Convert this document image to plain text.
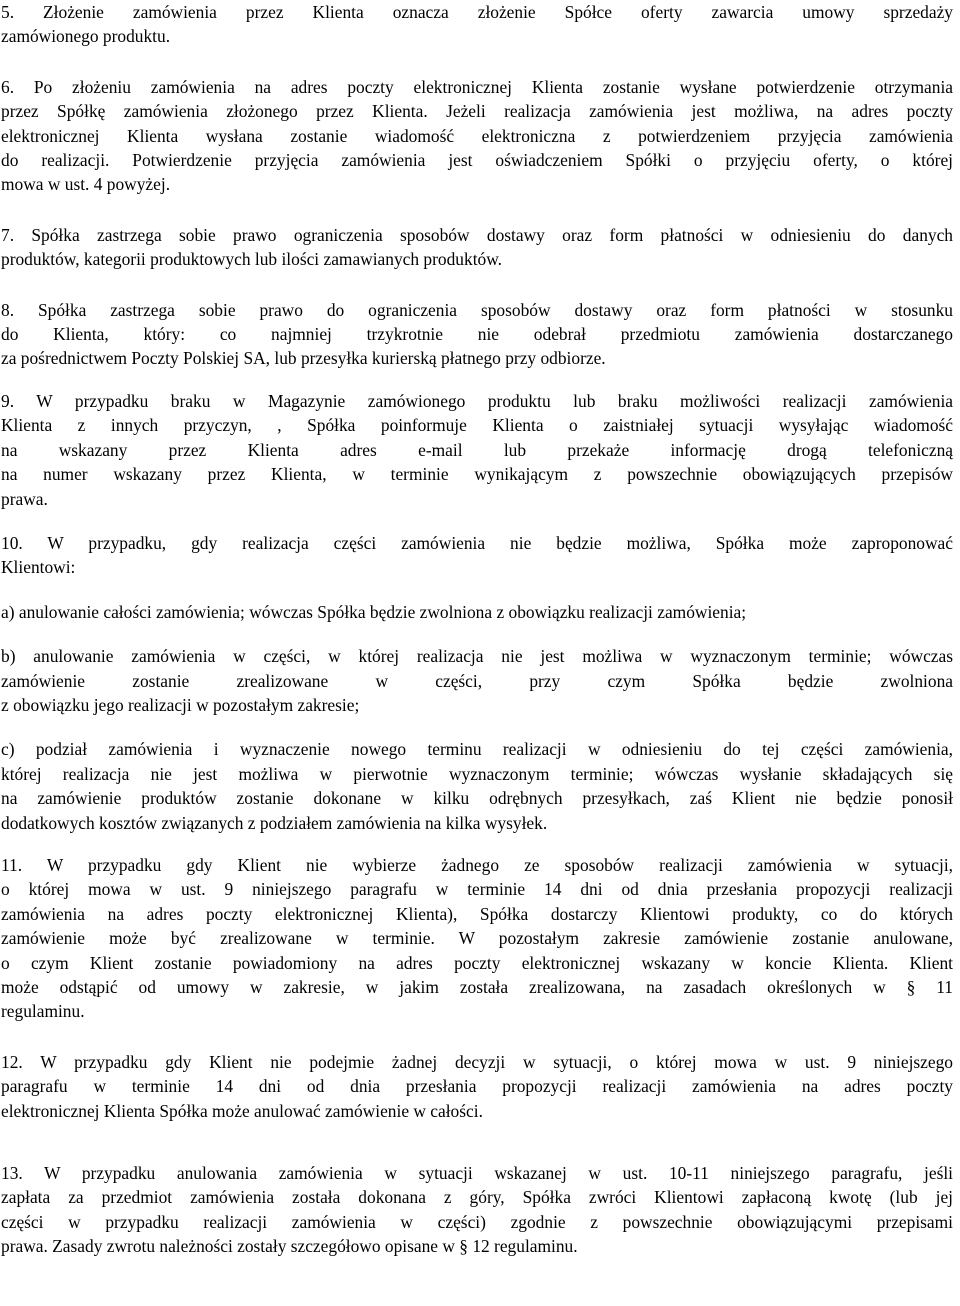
5. Złożenie zamówienia przez Klienta oznacza złożenie Spółce oferty zawarcia umowy sprzedaży
zamówionego produktu.

6. Po złożeniu zamówienia na adres poczty elektronicznej Klienta zostanie wysłane potwierdzenie otrzymania
przez Spółkę zamówienia złożonego przez Klienta. Jeżeli realizacja zamówienia jest możliwa, na adres poczty
elektronicznej Klienta wysłana zostanie wiadomość elektroniczna z potwierdzeniem przyjęcia zamówienia
do realizacji. Potwierdzenie przyjęcia zamówienia jest oświadczeniem Spółki o przyjęciu oferty, o której
mowa w ust. 4 powyżej.

7. Spółka zastrzega sobie prawo ograniczenia sposobów dostawy oraz form płatności w odniesieniu do danych
produktów, kategorii produktowych lub ilości zamawianych produktów.

8. Spółka zastrzega sobie prawo do ograniczenia sposobów dostawy oraz form płatności w stosunku
do Klienta, który: co najmniej trzykrotnie nie odebrał przedmiotu zamówienia dostarczanego
za pośrednictwem Poczty Polskiej SA, lub przesyłka kurierską płatnego przy odbiorze.

9. W przypadku braku w Magazynie zamówionego produktu lub braku możliwości realizacji zamówienia
Klienta z innych przyczyn, , Spółka poinformuje Klienta o zaistniałej sytuacji wysyłając wiadomość
na wskazany przez Klienta adres e-mail lub przekaże informację drogą telefoniczną
na numer wskazany przez Klienta, w terminie wynikającym z powszechnie obowiązujących przepisów
prawa.

10. W przypadku, gdy realizacja części zamówienia nie będzie możliwa, Spółka może zaproponować
Klientowi:

a) anulowanie całości zamówienia; wówczas Spółka będzie zwolniona z obowiązku realizacji zamówienia;

b) anulowanie zamówienia w części, w której realizacja nie jest możliwa w wyznaczonym terminie; wówczas
zamówienie zostanie zrealizowane w części, przy czym Spółka będzie zwolniona
z obowiązku jego realizacji w pozostałym zakresie;

c) podział zamówienia i wyznaczenie nowego terminu realizacji w odniesieniu do tej części zamówienia,
której realizacja nie jest możliwa w pierwotnie wyznaczonym terminie; wówczas wysłanie składających się
na zamówienie produktów zostanie dokonane w kilku odrębnych przesyłkach, zaś Klient nie będzie ponosił
dodatkowych kosztów związanych z podziałem zamówienia na kilka wysyłek.

11. W przypadku gdy Klient nie wybierze żadnego ze sposobów realizacji zamówienia w sytuacji,
o której mowa w ust. 9 niniejszego paragrafu w terminie 14 dni od dnia przesłania propozycji realizacji
zamówienia na adres poczty elektronicznej Klienta), Spółka dostarczy Klientowi produkty, co do których
zamówienie może być zrealizowane w terminie. W pozostałym zakresie zamówienie zostanie anulowane,
o czym Klient zostanie powiadomiony na adres poczty elektronicznej wskazany w koncie Klienta. Klient
może odstąpić od umowy w zakresie, w jakim została zrealizowana, na zasadach określonych w § 11
regulaminu.

12. W przypadku gdy Klient nie podejmie żadnej decyzji w sytuacji, o której mowa w ust. 9 niniejszego
paragrafu w terminie 14 dni od dnia przesłania propozycji realizacji zamówienia na adres poczty
elektronicznej Klienta Spółka może anulować zamówienie w całości.

13. W przypadku anulowania zamówienia w sytuacji wskazanej w ust. 10-11 niniejszego paragrafu, jeśli
zapłata za przedmiot zamówienia została dokonana z góry, Spółka zwróci Klientowi zapłaconą kwotę (lub jej
części w przypadku realizacji zamówienia w części) zgodnie z powszechnie obowiązującymi przepisami
prawa. Zasady zwrotu należności zostały szczegółowo opisane w § 12 regulaminu.
